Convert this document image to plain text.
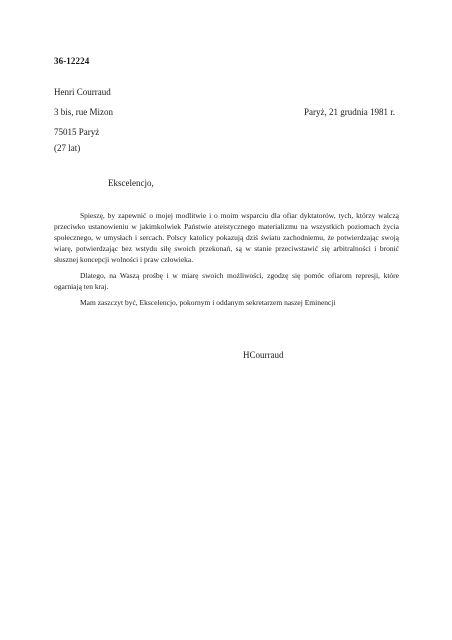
36-12224
Henri Courraud
3 bis, rue Mizon
75015 Paryż
(27 lat)
Paryż, 21 grudnia 1981 r.
Ekscelencjo,

Spieszę, by zapewnić o mojej modlitwie i o moim wsparciu dla ofiar dyktatorów, tych, którzy walczą przeciwko ustanowieniu w jakimkolwiek Państwie ateistycznego materializmu na wszystkich poziomach życia społecznego, w umysłach i sercach. Polscy katolicy pokazują dziś światu zachodniemu, że potwierdzając swoją wiarę, potwierdzając bez wstydu siłę swoich przekonań, są w stanie przeciwstawić się arbitralności i bronić słusznej koncepcji wolności i praw człowieka.

Dlatego, na Waszą prośbę i w miarę swoich możliwości, zgodzę się pomóc ofiarom represji, które ogarniają ten kraj.

Mam zaszczyt być, Ekscelencjo, pokornym i oddanym sekretarzem naszej Eminencji

HCourraud
